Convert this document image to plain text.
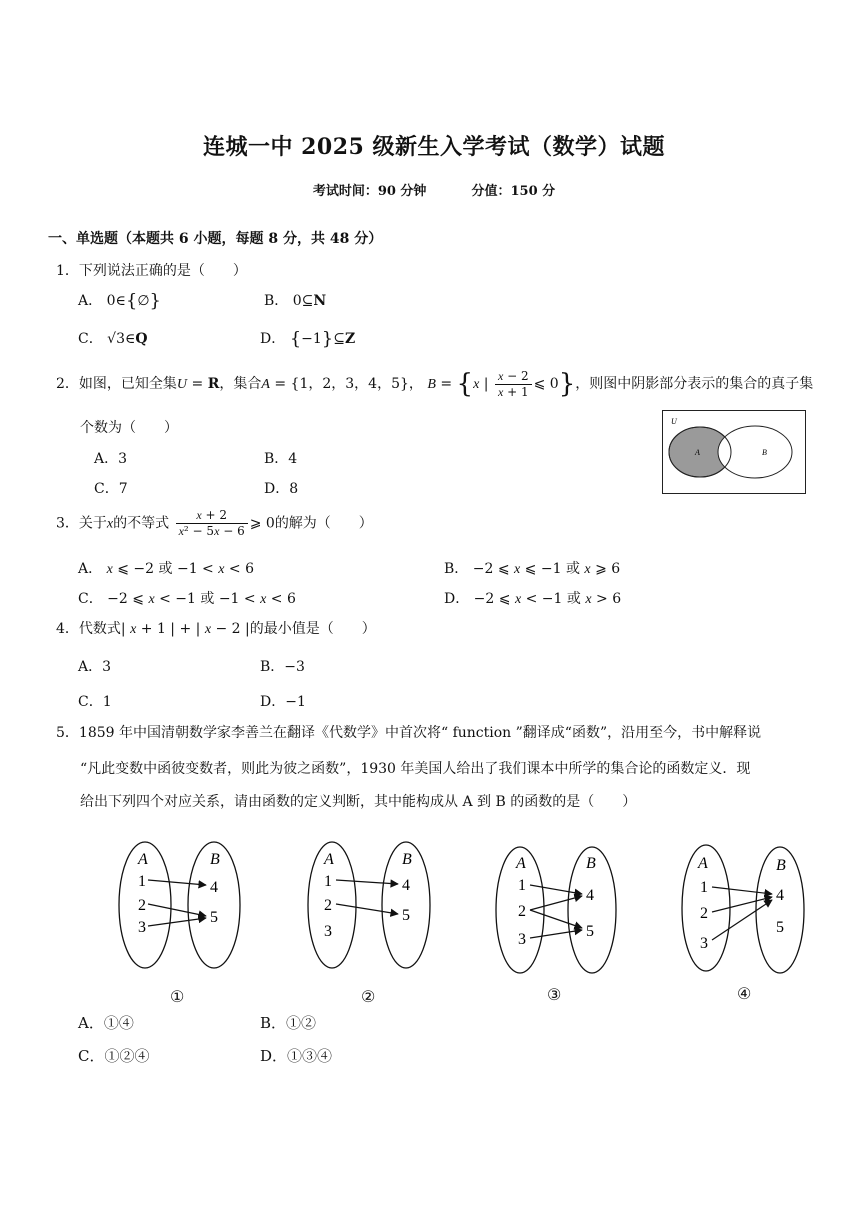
连城一中 2025 级新生入学考试（数学）试题
考试时间：90 分钟	分值：150 分
一、单选题（本题共 6 小题，每题 8 分，共 48 分）
1．下列说法正确的是（　　）
A． 0∈{∅}	B． 0⊆N
C． √3∈Q	D． {−1}⊆Z
2．如图，已知全集U = R，集合A = {1，2，3，4，5}， B = {x | $\frac{x - 2}{x + 1}$ ⩽ 0}，则图中阴影部分表示的集合的真子集
个数为（　　）
A．3	B．4
C．7	D．8
U
A	B
3．关于x的不等式 $\frac{x + 2}{\text{x² − 5x − 6}}$ ⩾ 0的解为（　　）
A． x ⩽ −2 或 −1 < x < 6	B． −2 ⩽ x ⩽ −1 或 x ⩾ 6
C． −2 ⩽ x < −1 或 −1 < x < 6	D． −2 ⩽ x < −1 或 x > 6
4．代数式| x + 1 | + | x − 2 |的最小值是（　　）
A．3	B．−3
C．1	D．−1
5．1859 年中国清朝数学家李善兰在翻译《代数学》中首次将“ function ”翻译成“函数”，沿用至今，书中解释说
“凡此变数中函彼变数者，则此为彼之函数”，1930 年美国人给出了我们课本中所学的集合论的函数定义．现
给出下列四个对应关系，请由函数的定义判断，其中能构成从 A 到 B 的函数的是（　　）
A	B
1
2
3
4
5
A	B
1
2
3
4
5
A	B
1
2
3
4
5
A	B
1
2
3
4
5
①	②	③	④
A．①④	B．①②
C．①②④	D．①③④
